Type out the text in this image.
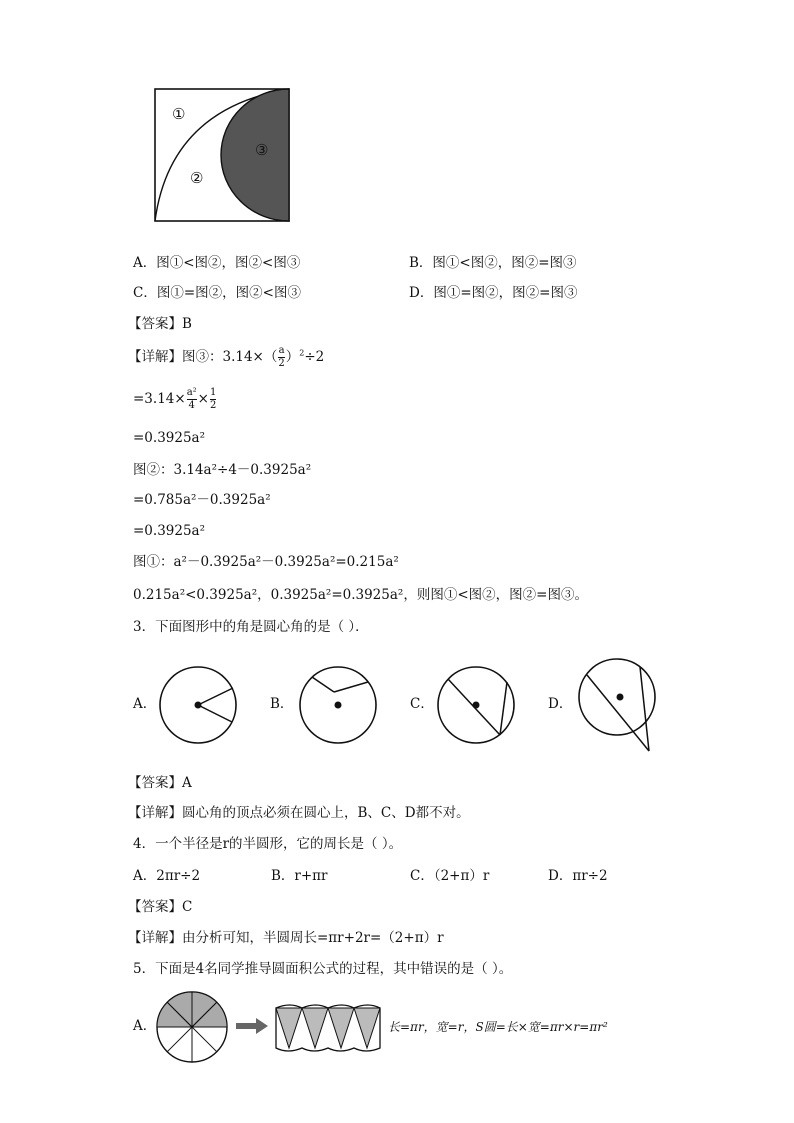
①
②
③
A．图①<图②，图②<图③	B．图①<图②，图②=图③
C．图①=图②，图②<图③	D．图①=图②，图②=图③
【答案】B
【详解】图③：$3.14\times( \frac{a}{2} )^2\div 2$
$=3.14\times \frac{\text{a²}}{4} \times \frac{1}{2}$
=0.3925a²
图②：3.14a²÷4－0.3925a²
=0.785a²－0.3925a²
=0.3925a²
图①：a²－0.3925a²－0.3925a²=0.215a²
0.215a²<0.3925a²，0.3925a²=0.3925a²，则图①<图②，图②=图③。
3．下面图形中的角是圆心角的是（ ）．
A．	B．	C．	D．
【答案】A
【详解】圆心角的顶点必须在圆心上，B、C、D都不对。
4．一个半径是r的半圆形，它的周长是（ ）。
A．2πr÷2	B．r+πr	C．（2+π）r	D．πr÷2
【答案】C
【详解】由分析可知，半圆周长=πr+2r=（2+π）r
5．下面是4名同学推导圆面积公式的过程，其中错误的是（ ）。
A．	长=πr，宽=r，S圆=长×宽=πr×r=πr²
